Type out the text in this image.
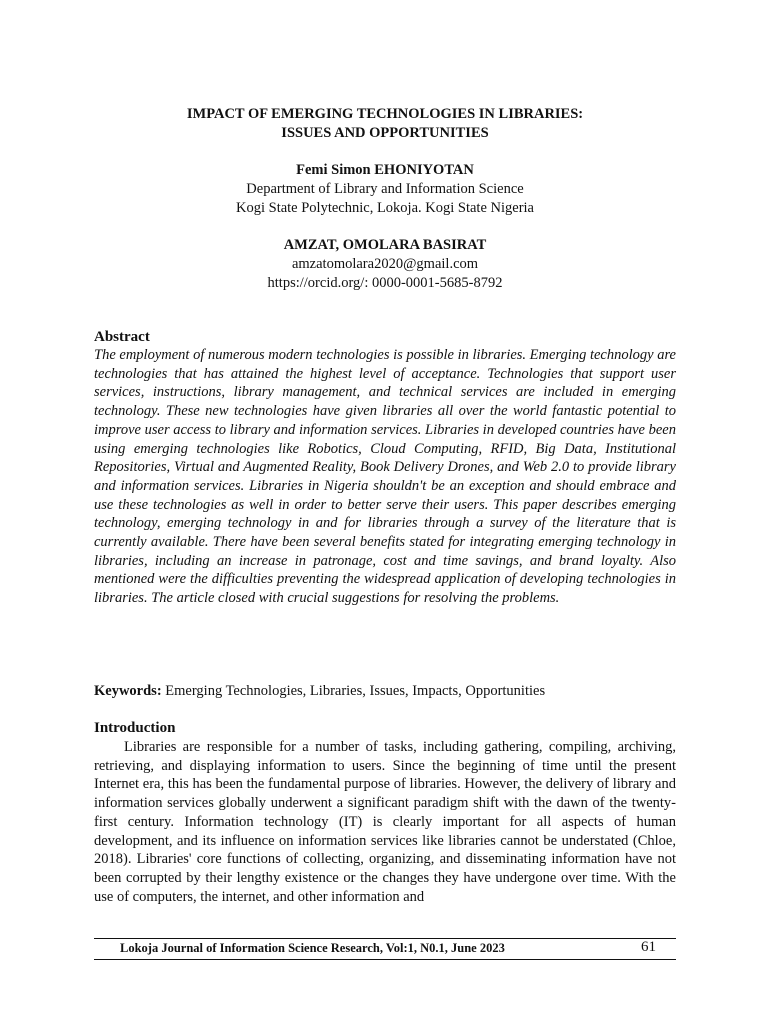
IMPACT OF EMERGING TECHNOLOGIES IN LIBRARIES:
ISSUES AND OPPORTUNITIES
Femi Simon EHONIYOTAN
Department of Library and Information Science
Kogi State Polytechnic, Lokoja. Kogi State Nigeria
AMZAT, OMOLARA BASIRAT
amzatomolara2020@gmail.com
https://orcid.org/: 0000-0001-5685-8792
Abstract
The employment of numerous modern technologies is possible in libraries. Emerging technology are technologies that has attained the highest level of acceptance. Technologies that support user services, instructions, library management, and technical services are included in emerging technology. These new technologies have given libraries all over the world fantastic potential to improve user access to library and information services. Libraries in developed countries have been using emerging technologies like Robotics, Cloud Computing, RFID, Big Data, Institutional Repositories, Virtual and Augmented Reality, Book Delivery Drones, and Web 2.0 to provide library and information services. Libraries in Nigeria shouldn't be an exception and should embrace and use these technologies as well in order to better serve their users. This paper describes emerging technology, emerging technology in and for libraries through a survey of the literature that is currently available. There have been several benefits stated for integrating emerging technology in libraries, including an increase in patronage, cost and time savings, and brand loyalty. Also mentioned were the difficulties preventing the widespread application of developing technologies in libraries. The article closed with crucial suggestions for resolving the problems.
Keywords: Emerging Technologies, Libraries, Issues, Impacts, Opportunities
Introduction
Libraries are responsible for a number of tasks, including gathering, compiling, archiving, retrieving, and displaying information to users. Since the beginning of time until the present Internet era, this has been the fundamental purpose of libraries. However, the delivery of library and information services globally underwent a significant paradigm shift with the dawn of the twenty-first century. Information technology (IT) is clearly important for all aspects of human development, and its influence on information services like libraries cannot be understated (Chloe, 2018). Libraries' core functions of collecting, organizing, and disseminating information have not been corrupted by their lengthy existence or the changes they have undergone over time. With the use of computers, the internet, and other information and
Lokoja Journal of Information Science Research, Vol:1, N0.1, June 2023	61
